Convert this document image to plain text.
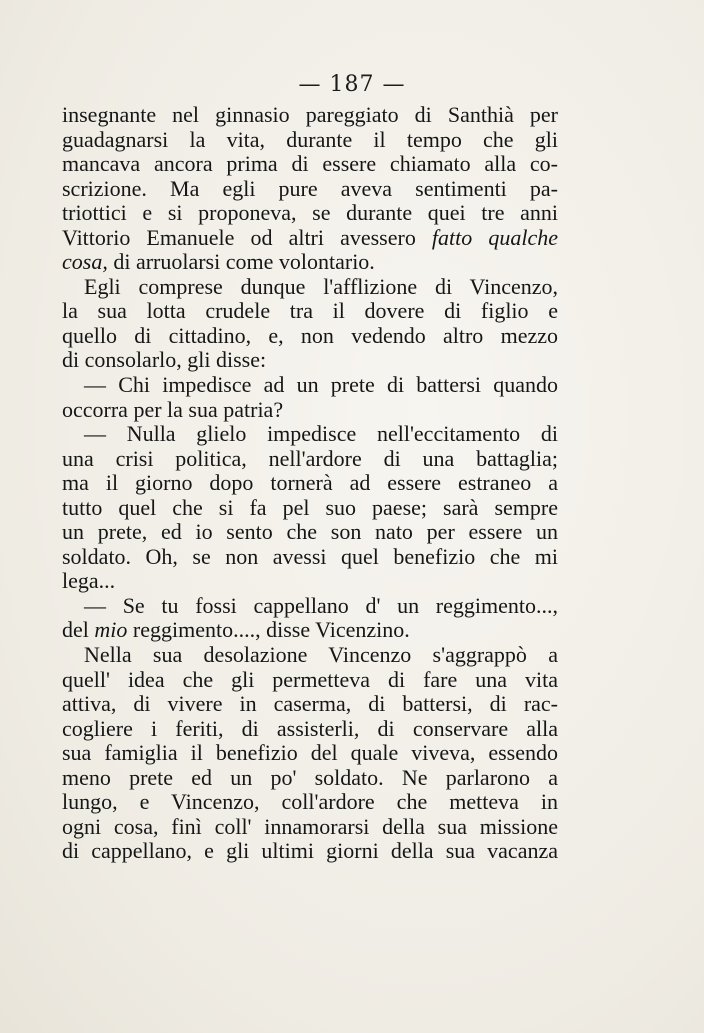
— 187 —
insegnante nel ginnasio pareggiato di Santhià per
guadagnarsi la vita, durante il tempo che gli
mancava ancora prima di essere chiamato alla co-
scrizione. Ma egli pure aveva sentimenti pa-
triottici e si proponeva, se durante quei tre anni
Vittorio Emanuele od altri avessero fatto qualche
cosa, di arruolarsi come volontario.
Egli comprese dunque l'afflizione di Vincenzo,
la sua lotta crudele tra il dovere di figlio e
quello di cittadino, e, non vedendo altro mezzo
di consolarlo, gli disse:
— Chi impedisce ad un prete di battersi quando
occorra per la sua patria?
— Nulla glielo impedisce nell'eccitamento di
una crisi politica, nell'ardore di una battaglia;
ma il giorno dopo tornerà ad essere estraneo a
tutto quel che si fa pel suo paese; sarà sempre
un prete, ed io sento che son nato per essere un
soldato. Oh, se non avessi quel benefizio che mi
lega...
— Se tu fossi cappellano d' un reggimento...,
del mio reggimento...., disse Vicenzino.
Nella sua desolazione Vincenzo s'aggrappò a
quell' idea che gli permetteva di fare una vita
attiva, di vivere in caserma, di battersi, di rac-
cogliere i feriti, di assisterli, di conservare alla
sua famiglia il benefizio del quale viveva, essendo
meno prete ed un po' soldato. Ne parlarono a
lungo, e Vincenzo, coll'ardore che metteva in
ogni cosa, finì coll' innamorarsi della sua missione
di cappellano, e gli ultimi giorni della sua vacanza
